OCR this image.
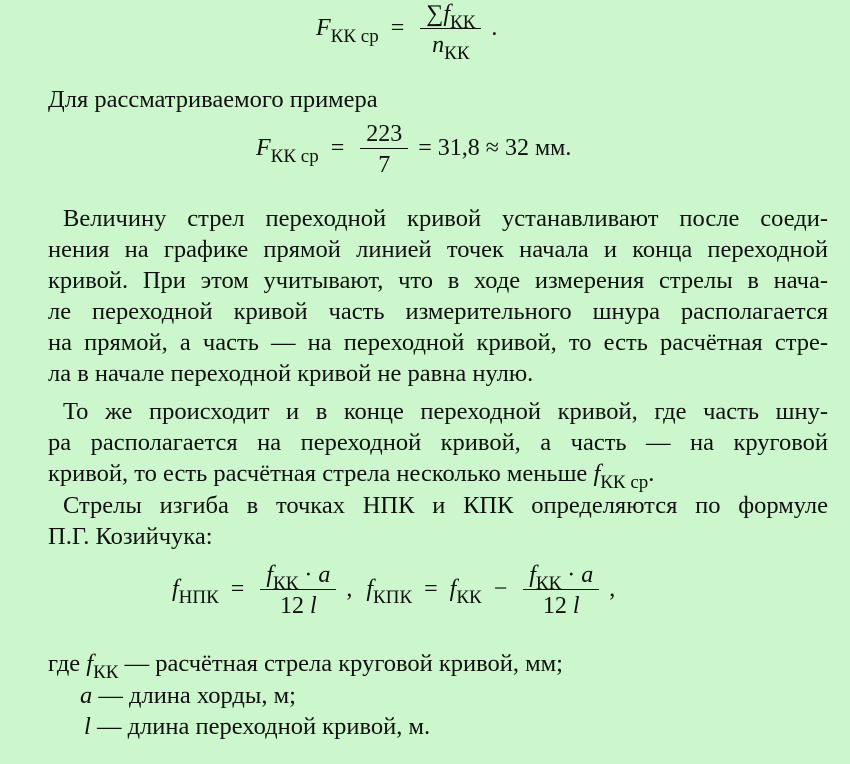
$F_{КК ср} = \frac{\sum f_{КК}}{n_{КК}}$ .
Для рассматриваемого примера
$F_{КК ср} = \frac{223}{7} = 31,8 \approx 32$ мм.
Величину стрел переходной кривой устанавливают после соеди-
нения на графике прямой линией точек начала и конца переходной
кривой. При этом учитывают, что в ходе измерения стрелы в нача-
ле переходной кривой часть измерительного шнура располагается
на прямой, а часть — на переходной кривой, то есть расчётная стре-
ла в начале переходной кривой не равна нулю.
То же происходит и в конце переходной кривой, где часть шну-
ра располагается на переходной кривой, а часть — на круговой
кривой, то есть расчётная стрела несколько меньше $f_{КК ср}$.
Стрелы изгиба в точках НПК и КПК определяются по формуле
П.Г. Козийчука:
$f_{НПК} = \frac{f_{КК} \cdot a}{12 l}$ , $f_{КПК} = f_{КК} - \frac{f_{КК} \cdot a}{12 l}$ ,
где $f_{КК}$ — расчётная стрела круговой кривой, мм;
a — длина хорды, м;
l — длина переходной кривой, м.
